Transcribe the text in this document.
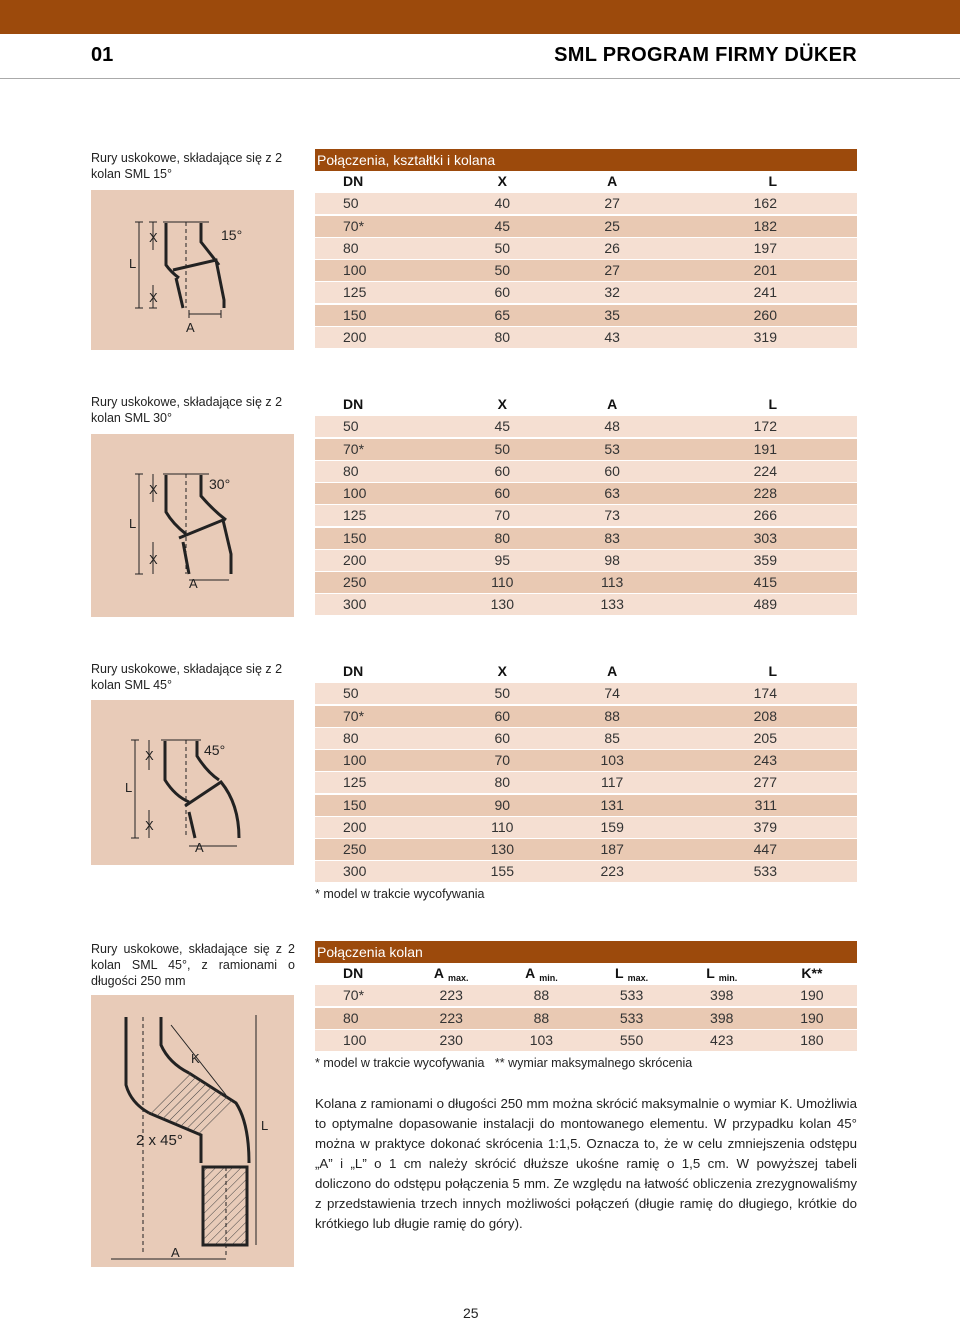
01	SML PROGRAM FIRMY DÜKER
Rury uskokowe, składające się z 2 kolan SML 15°
15°
L
X
X
A
Połączenia, kształtki i kolana
DN	X	A	L
50	40	27	162
70*	45	25	182
80	50	26	197
100	50	27	201
125	60	32	241
150	65	35	260
200	80	43	319
Rury uskokowe, składające się z 2 kolan SML 30°
30°
L
X
X
A
DN	X	A	L
50	45	48	172
70*	50	53	191
80	60	60	224
100	60	63	228
125	70	73	266
150	80	83	303
200	95	98	359
250	110	113	415
300	130	133	489
Rury uskokowe, składające się z 2 kolan SML 45°
45°
L
X
X
A
DN	X	A	L
50	50	74	174
70*	60	88	208
80	60	85	205
100	70	103	243
125	80	117	277
150	90	131	311
200	110	159	379
250	130	187	447
300	155	223	533
* model w trakcie wycofywania
Rury uskokowe, składające się z 2 kolan SML 45°, z ramionami o długości 250 mm
2 x 45°
K
L
A
Połączenia kolan
DN	A $_{max.}$	A $_{min.}$	L $_{max.}$	L $_{min.}$	K**
70*	223	88	533	398	190
80	223	88	533	398	190
100	230	103	550	423	180
* model w trakcie wycofywania   ** wymiar maksymalnego skrócenia
Kolana z ramionami o długości 250 mm można skrócić maksymalnie o wymiar K. Umożliwia to optymalne dopasowanie instalacji do montowanego elementu. W przypadku kolan 45° można w praktyce dokonać skrócenia 1:1,5. Oznacza to, że w celu zmniejszenia odstępu „A” i „L” o 1 cm należy skrócić dłuższe ukośne ramię o 1,5 cm. W powyższej tabeli doliczono do odstępu połączenia 5 mm. Ze względu na łatwość obliczenia zrezygnowaliśmy z przedstawienia trzech innych możliwości połączeń (długie ramię do długiego, krótkie do krótkiego lub długie ramię do góry).
25
